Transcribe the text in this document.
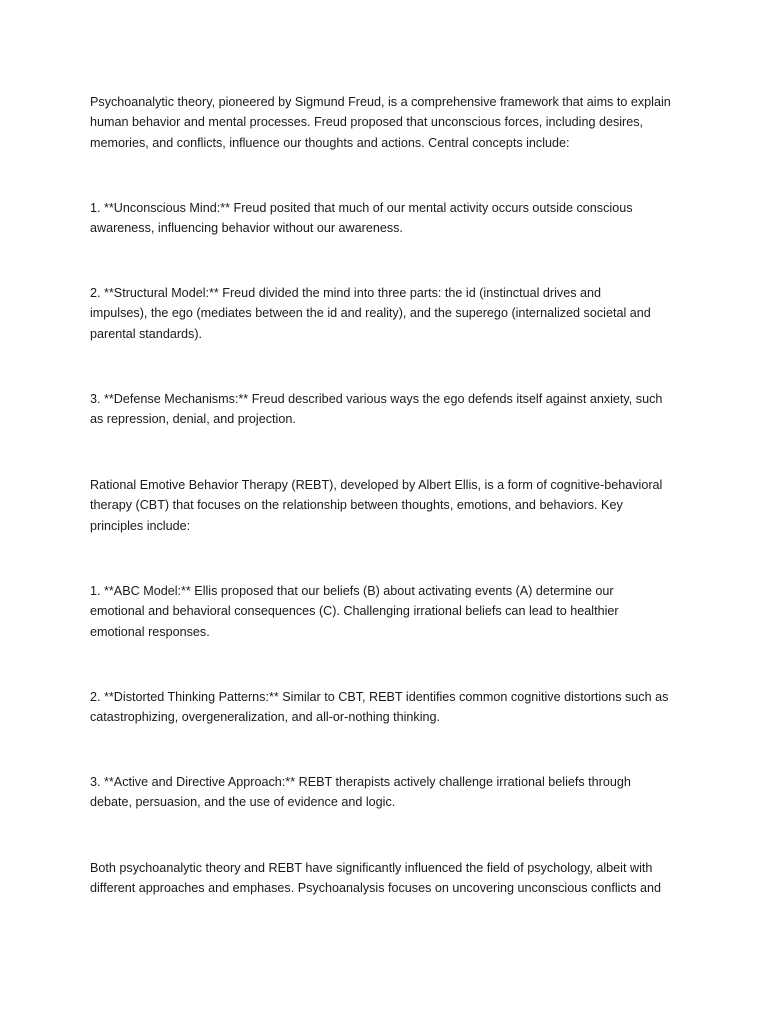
Psychoanalytic theory, pioneered by Sigmund Freud, is a comprehensive framework that aims to explain
human behavior and mental processes. Freud proposed that unconscious forces, including desires,
memories, and conflicts, influence our thoughts and actions. Central concepts include:

1. **Unconscious Mind:** Freud posited that much of our mental activity occurs outside conscious
awareness, influencing behavior without our awareness.

2. **Structural Model:** Freud divided the mind into three parts: the id (instinctual drives and
impulses), the ego (mediates between the id and reality), and the superego (internalized societal and
parental standards).

3. **Defense Mechanisms:** Freud described various ways the ego defends itself against anxiety, such
as repression, denial, and projection.

Rational Emotive Behavior Therapy (REBT), developed by Albert Ellis, is a form of cognitive-behavioral
therapy (CBT) that focuses on the relationship between thoughts, emotions, and behaviors. Key
principles include:

1. **ABC Model:** Ellis proposed that our beliefs (B) about activating events (A) determine our
emotional and behavioral consequences (C). Challenging irrational beliefs can lead to healthier
emotional responses.

2. **Distorted Thinking Patterns:** Similar to CBT, REBT identifies common cognitive distortions such as
catastrophizing, overgeneralization, and all-or-nothing thinking.

3. **Active and Directive Approach:** REBT therapists actively challenge irrational beliefs through
debate, persuasion, and the use of evidence and logic.

Both psychoanalytic theory and REBT have significantly influenced the field of psychology, albeit with
different approaches and emphases. Psychoanalysis focuses on uncovering unconscious conflicts and
